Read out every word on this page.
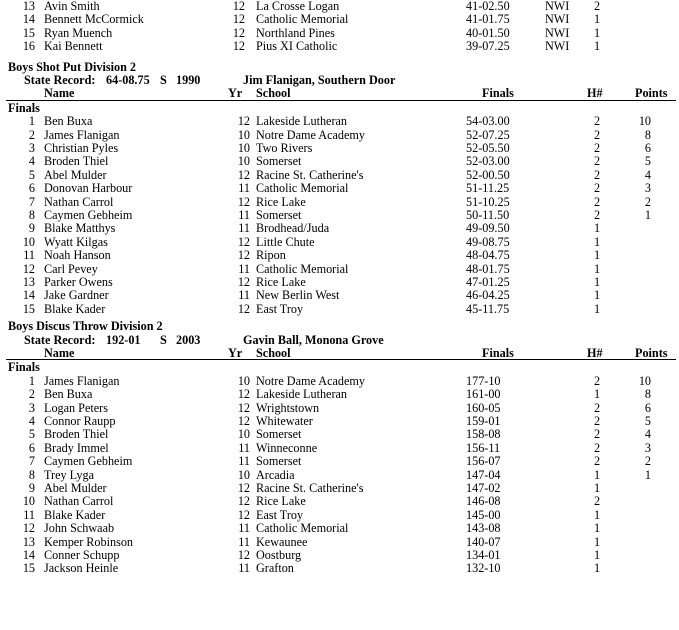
13 Avin Smith	12 La Crosse Logan	41-02.50	NWI 2
14 Bennett McCormick	12 Catholic Memorial	41-01.75	NWI 1
15 Ryan Muench	12 Northland Pines	40-01.50	NWI 1
16 Kai Bennett	12 Pius XI Catholic	39-07.25	NWI 1
Boys Shot Put Division 2
State Record: 64-08.75 S 1990	Jim Flanigan, Southern Door
Name	Yr School	Finals	H#	Points
Finals
1 Ben Buxa	12 Lakeside Lutheran	54-03.00	2	10
2 James Flanigan	10 Notre Dame Academy	52-07.25	2	8
3 Christian Pyles	10 Two Rivers	52-05.50	2	6
4 Broden Thiel	10 Somerset	52-03.00	2	5
5 Abel Mulder	12 Racine St. Catherine's	52-00.50	2	4
6 Donovan Harbour	11 Catholic Memorial	51-11.25	2	3
7 Nathan Carrol	12 Rice Lake	51-10.25	2	2
8 Caymen Gebheim	11 Somerset	50-11.50	2	1
9 Blake Matthys	11 Brodhead/Juda	49-09.50	1
10 Wyatt Kilgas	12 Little Chute	49-08.75	1
11 Noah Hanson	12 Ripon	48-04.75	1
12 Carl Pevey	11 Catholic Memorial	48-01.75	1
13 Parker Owens	12 Rice Lake	47-01.25	1
14 Jake Gardner	11 New Berlin West	46-04.25	1
15 Blake Kader	12 East Troy	45-11.75	1
Boys Discus Throw Division 2
State Record: 192-01 S 2003	Gavin Ball, Monona Grove
Name	Yr School	Finals	H#	Points
Finals
1 James Flanigan	10 Notre Dame Academy	177-10	2	10
2 Ben Buxa	12 Lakeside Lutheran	161-00	1	8
3 Logan Peters	12 Wrightstown	160-05	2	6
4 Connor Raupp	12 Whitewater	159-01	2	5
5 Broden Thiel	10 Somerset	158-08	2	4
6 Brady Immel	11 Winneconne	156-11	2	3
7 Caymen Gebheim	11 Somerset	156-07	2	2
8 Trey Lyga	10 Arcadia	147-04	1	1
9 Abel Mulder	12 Racine St. Catherine's	147-02	1
10 Nathan Carrol	12 Rice Lake	146-08	2
11 Blake Kader	12 East Troy	145-00	1
12 John Schwaab	11 Catholic Memorial	143-08	1
13 Kemper Robinson	11 Kewaunee	140-07	1
14 Conner Schupp	12 Oostburg	134-01	1
15 Jackson Heinle	11 Grafton	132-10	1
